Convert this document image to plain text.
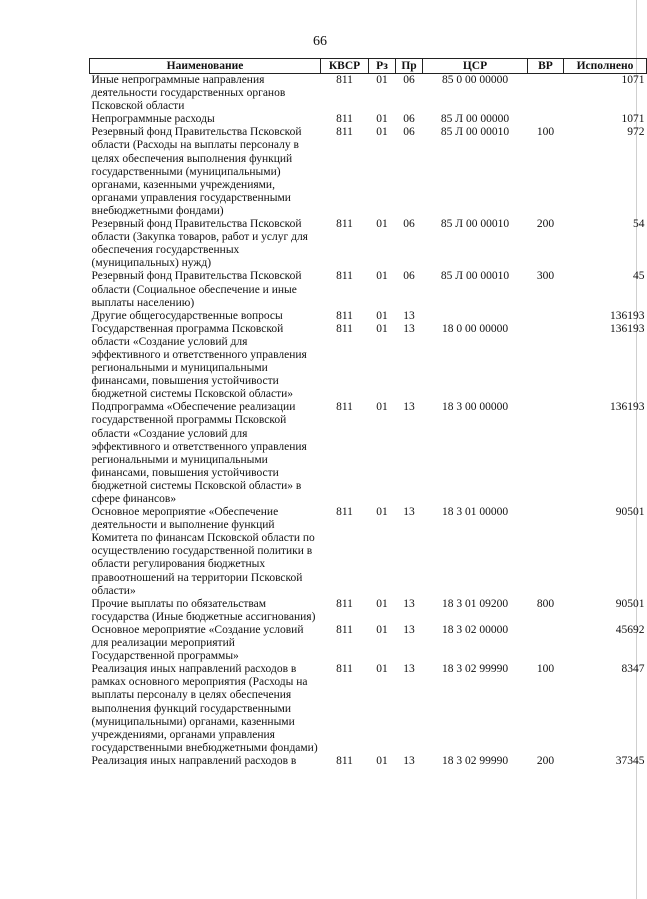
66
Наименование	КВСР	Рз	Пр	ЦСР	ВР	Исполнено
Иные непрограммные направления деятельности государственных органов Псковской области	811	01	06	85 0 00 00000		1071
Непрограммные расходы	811	01	06	85 Л 00 00000		1071
Резервный фонд Правительства Псковской области (Расходы на выплаты персоналу в целях обеспечения выполнения функций государственными (муниципальными) органами, казенными учреждениями, органами управления государственными внебюджетными фондами)	811	01	06	85 Л 00 00010	100	972
Резервный фонд Правительства Псковской области (Закупка товаров, работ и услуг для обеспечения государственных (муниципальных) нужд)	811	01	06	85 Л 00 00010	200	54
Резервный фонд Правительства Псковской области (Социальное обеспечение и иные выплаты населению)	811	01	06	85 Л 00 00010	300	45
Другие общегосударственные вопросы	811	01	13			136193
Государственная программа Псковской области «Создание условий для эффективного и ответственного управления региональными и муниципальными финансами, повышения устойчивости бюджетной системы Псковской области»	811	01	13	18 0 00 00000		136193
Подпрограмма «Обеспечение реализации государственной программы Псковской области «Создание условий для эффективного и ответственного управления региональными и муниципальными финансами, повышения устойчивости бюджетной системы Псковской области» в сфере финансов»	811	01	13	18 3 00 00000		136193
Основное мероприятие «Обеспечение деятельности и выполнение функций Комитета по финансам Псковской области по осуществлению государственной политики в области регулирования бюджетных правоотношений на территории Псковской области»	811	01	13	18 3 01 00000		90501
Прочие выплаты по обязательствам государства (Иные бюджетные ассигнования)	811	01	13	18 3 01 09200	800	90501
Основное мероприятие «Создание условий для реализации мероприятий Государственной программы»	811	01	13	18 3 02 00000		45692
Реализация иных направлений расходов в рамках основного мероприятия (Расходы на выплаты персоналу в целях обеспечения выполнения функций государственными (муниципальными) органами, казенными учреждениями, органами управления государственными внебюджетными фондами)	811	01	13	18 3 02 99990	100	8347
Реализация иных направлений расходов в	811	01	13	18 3 02 99990	200	37345
